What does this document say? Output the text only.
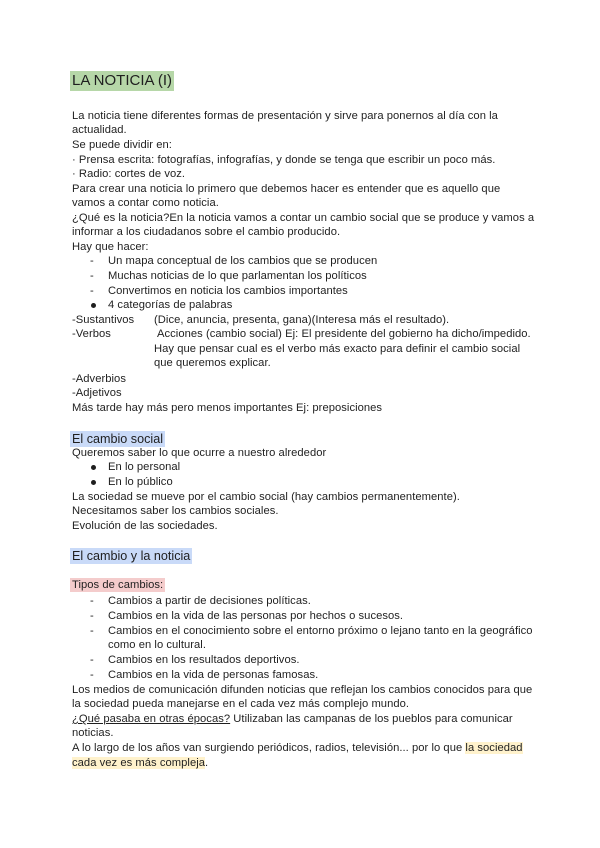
LA NOTICIA (I)
La noticia tiene diferentes formas de presentación y sirve para ponernos al día con la
actualidad.
Se puede dividir en:
· Prensa escrita: fotografías, infografías, y donde se tenga que escribir un poco más.
· Radio: cortes de voz.
Para crear una noticia lo primero que debemos hacer es entender que es aquello que
vamos a contar como noticia.
¿Qué es la noticia?En la noticia vamos a contar un cambio social que se produce y vamos a
informar a los ciudadanos sobre el cambio producido.
Hay que hacer:
- Un mapa conceptual de los cambios que se producen
- Muchas noticias de lo que parlamentan los políticos
- Convertimos en noticia los cambios importantes
4 categorías de palabras
-Sustantivos (Dice, anuncia, presenta, gana)(Interesa más el resultado).
-Verbos	Acciones (cambio social) Ej: El presidente del gobierno ha dicho/impedido.
Hay que pensar cual es el verbo más exacto para definir el cambio social
que queremos explicar.
-Adverbios
-Adjetivos
Más tarde hay más pero menos importantes Ej: preposiciones
El cambio social
Queremos saber lo que ocurre a nuestro alrededor
En lo personal
En lo público
La sociedad se mueve por el cambio social (hay cambios permanentemente).
Necesitamos saber los cambios sociales.
Evolución de las sociedades.
El cambio y la noticia
Tipos de cambios:
- Cambios a partir de decisiones políticas.
- Cambios en la vida de las personas por hechos o sucesos.
- Cambios en el conocimiento sobre el entorno próximo o lejano tanto en la geográfico
como en lo cultural.
- Cambios en los resultados deportivos.
- Cambios en la vida de personas famosas.
Los medios de comunicación difunden noticias que reflejan los cambios conocidos para que
la sociedad pueda manejarse en el cada vez más complejo mundo.
¿Qué pasaba en otras épocas? Utilizaban las campanas de los pueblos para comunicar
noticias.
A lo largo de los años van surgiendo periódicos, radios, televisión... por lo que la sociedad
cada vez es más compleja.
